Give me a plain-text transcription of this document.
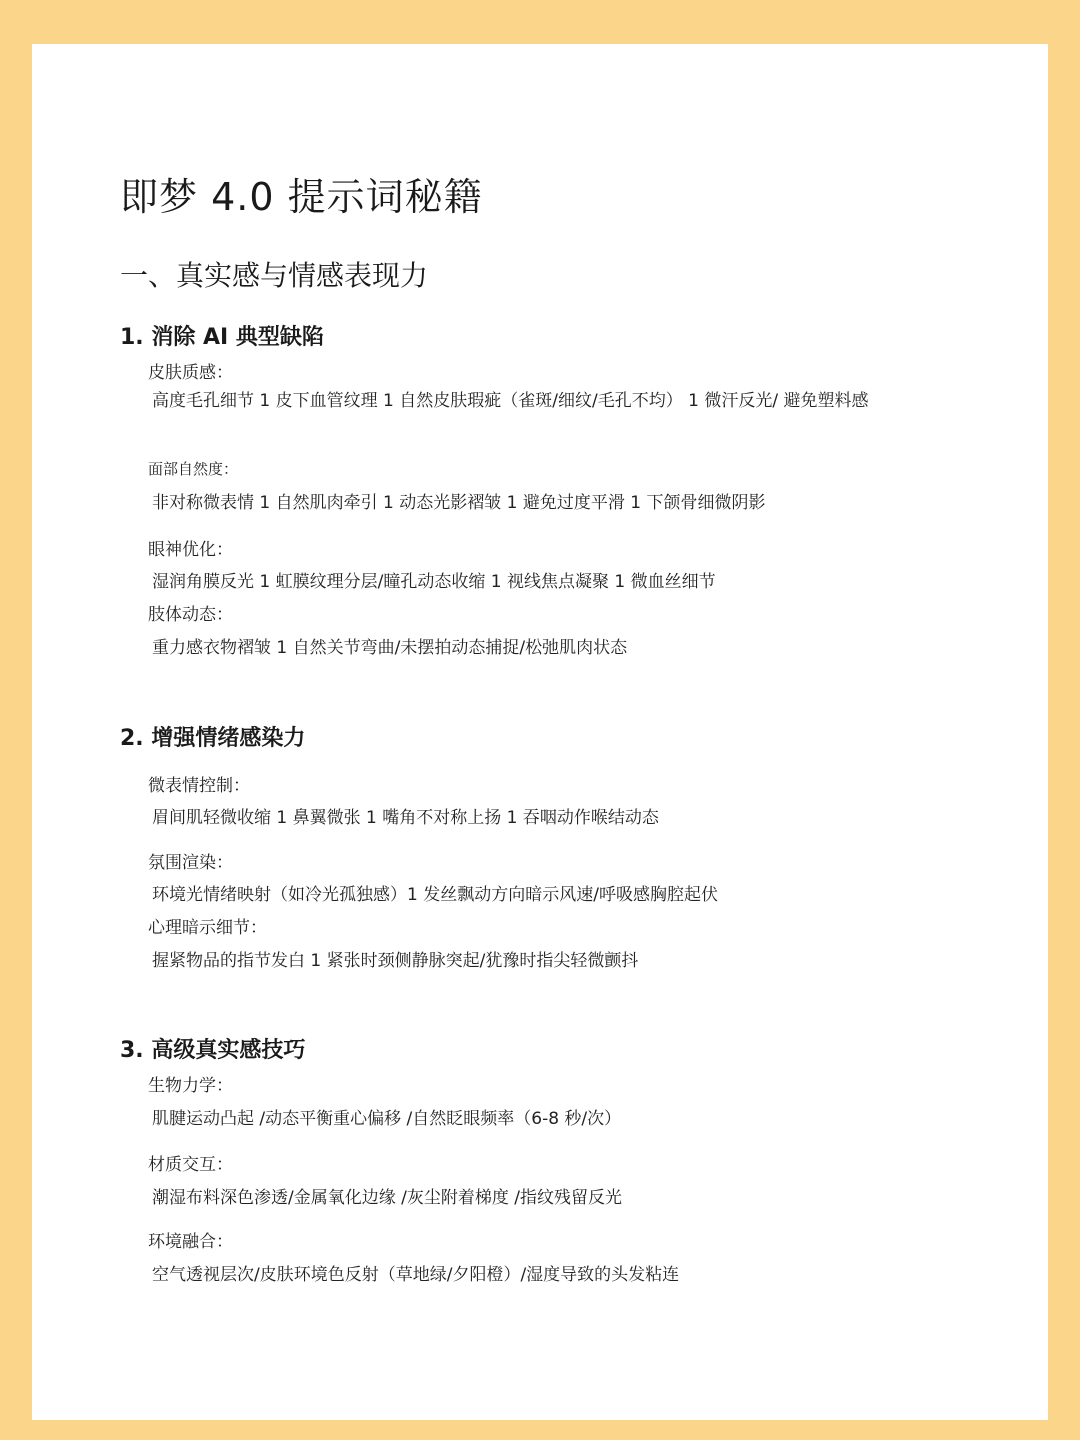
即梦 4.0 提示词秘籍
一、真实感与情感表现力
1. 消除 AI 典型缺陷
皮肤质感：
高度毛孔细节 1 皮下血管纹理 1 自然皮肤瑕疵（雀斑/细纹/毛孔不均） 1 微汗反光/ 避免塑料感
面部自然度：
非对称微表情 1 自然肌肉牵引 1 动态光影褶皱 1 避免过度平滑 1 下颌骨细微阴影
眼神优化：
湿润角膜反光 1 虹膜纹理分层/瞳孔动态收缩 1 视线焦点凝聚 1 微血丝细节
肢体动态：
重力感衣物褶皱 1 自然关节弯曲/未摆拍动态捕捉/松弛肌肉状态
2. 增强情绪感染力
微表情控制：
眉间肌轻微收缩 1 鼻翼微张 1 嘴角不对称上扬 1 吞咽动作喉结动态
氛围渲染：
环境光情绪映射（如冷光孤独感）1 发丝飘动方向暗示风速/呼吸感胸腔起伏
心理暗示细节：
握紧物品的指节发白 1 紧张时颈侧静脉突起/犹豫时指尖轻微颤抖
3. 高级真实感技巧
生物力学：
肌腱运动凸起 /动态平衡重心偏移 /自然眨眼频率（6-8 秒/次）
材质交互：
潮湿布料深色渗透/金属氧化边缘 /灰尘附着梯度 /指纹残留反光
环境融合：
空气透视层次/皮肤环境色反射（草地绿/夕阳橙）/湿度导致的头发粘连
